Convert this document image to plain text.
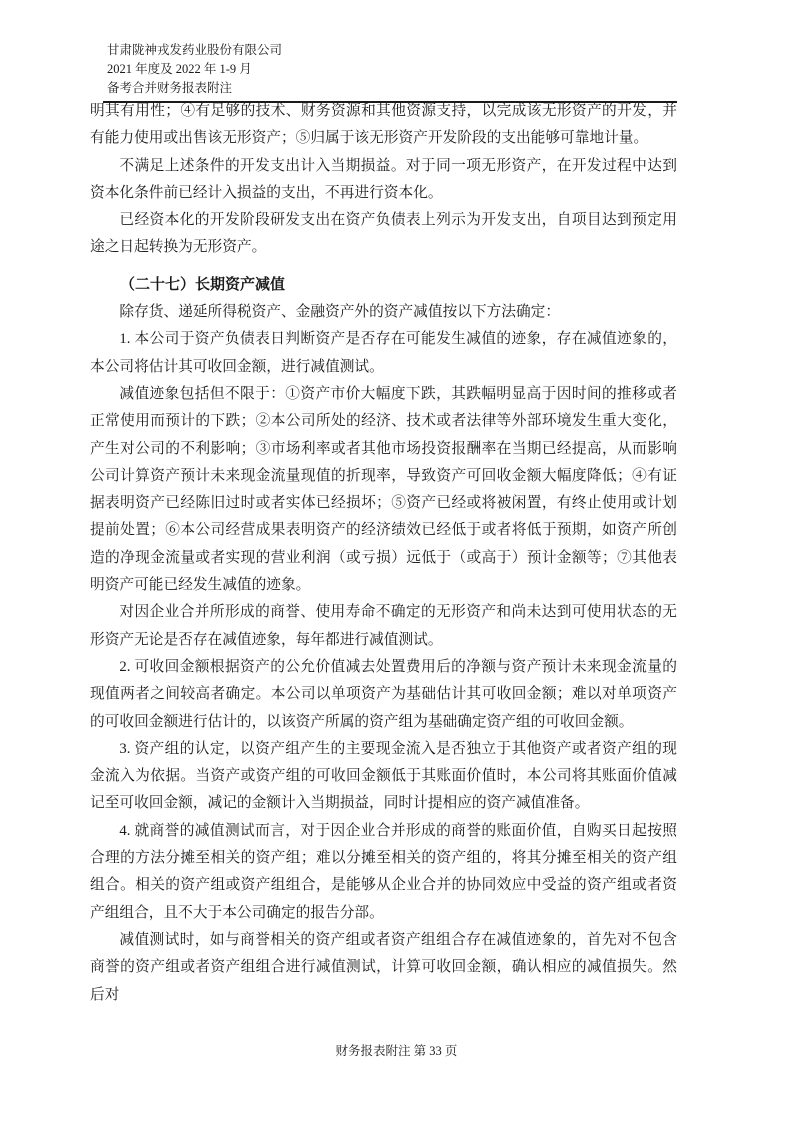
甘肃陇神戎发药业股份有限公司
2021 年度及 2022 年 1-9 月
备考合并财务报表附注

明其有用性；④有足够的技术、财务资源和其他资源支持，以完成该无形资产的开发，并有能力使用或出售该无形资产；⑤归属于该无形资产开发阶段的支出能够可靠地计量。

不满足上述条件的开发支出计入当期损益。对于同一项无形资产，在开发过程中达到资本化条件前已经计入损益的支出，不再进行资本化。

已经资本化的开发阶段研发支出在资产负债表上列示为开发支出，自项目达到预定用途之日起转换为无形资产。

（二十七）长期资产减值

除存货、递延所得税资产、金融资产外的资产减值按以下方法确定：

1. 本公司于资产负债表日判断资产是否存在可能发生减值的迹象，存在减值迹象的，本公司将估计其可收回金额，进行减值测试。

减值迹象包括但不限于：①资产市价大幅度下跌，其跌幅明显高于因时间的推移或者正常使用而预计的下跌；②本公司所处的经济、技术或者法律等外部环境发生重大变化，产生对公司的不利影响；③市场利率或者其他市场投资报酬率在当期已经提高，从而影响公司计算资产预计未来现金流量现值的折现率，导致资产可回收金额大幅度降低；④有证据表明资产已经陈旧过时或者实体已经损坏；⑤资产已经或将被闲置，有终止使用或计划提前处置；⑥本公司经营成果表明资产的经济绩效已经低于或者将低于预期，如资产所创造的净现金流量或者实现的营业利润（或亏损）远低于（或高于）预计金额等；⑦其他表明资产可能已经发生减值的迹象。

对因企业合并所形成的商誉、使用寿命不确定的无形资产和尚未达到可使用状态的无形资产无论是否存在减值迹象，每年都进行减值测试。

2. 可收回金额根据资产的公允价值减去处置费用后的净额与资产预计未来现金流量的现值两者之间较高者确定。本公司以单项资产为基础估计其可收回金额；难以对单项资产的可收回金额进行估计的，以该资产所属的资产组为基础确定资产组的可收回金额。

3. 资产组的认定，以资产组产生的主要现金流入是否独立于其他资产或者资产组的现金流入为依据。当资产或资产组的可收回金额低于其账面价值时，本公司将其账面价值减记至可收回金额，减记的金额计入当期损益，同时计提相应的资产减值准备。

4. 就商誉的减值测试而言，对于因企业合并形成的商誉的账面价值，自购买日起按照合理的方法分摊至相关的资产组；难以分摊至相关的资产组的，将其分摊至相关的资产组组合。相关的资产组或资产组组合，是能够从企业合并的协同效应中受益的资产组或者资产组组合，且不大于本公司确定的报告分部。

减值测试时，如与商誉相关的资产组或者资产组组合存在减值迹象的，首先对不包含商誉的资产组或者资产组组合进行减值测试，计算可收回金额，确认相应的减值损失。然后对

财务报表附注 第 33 页
